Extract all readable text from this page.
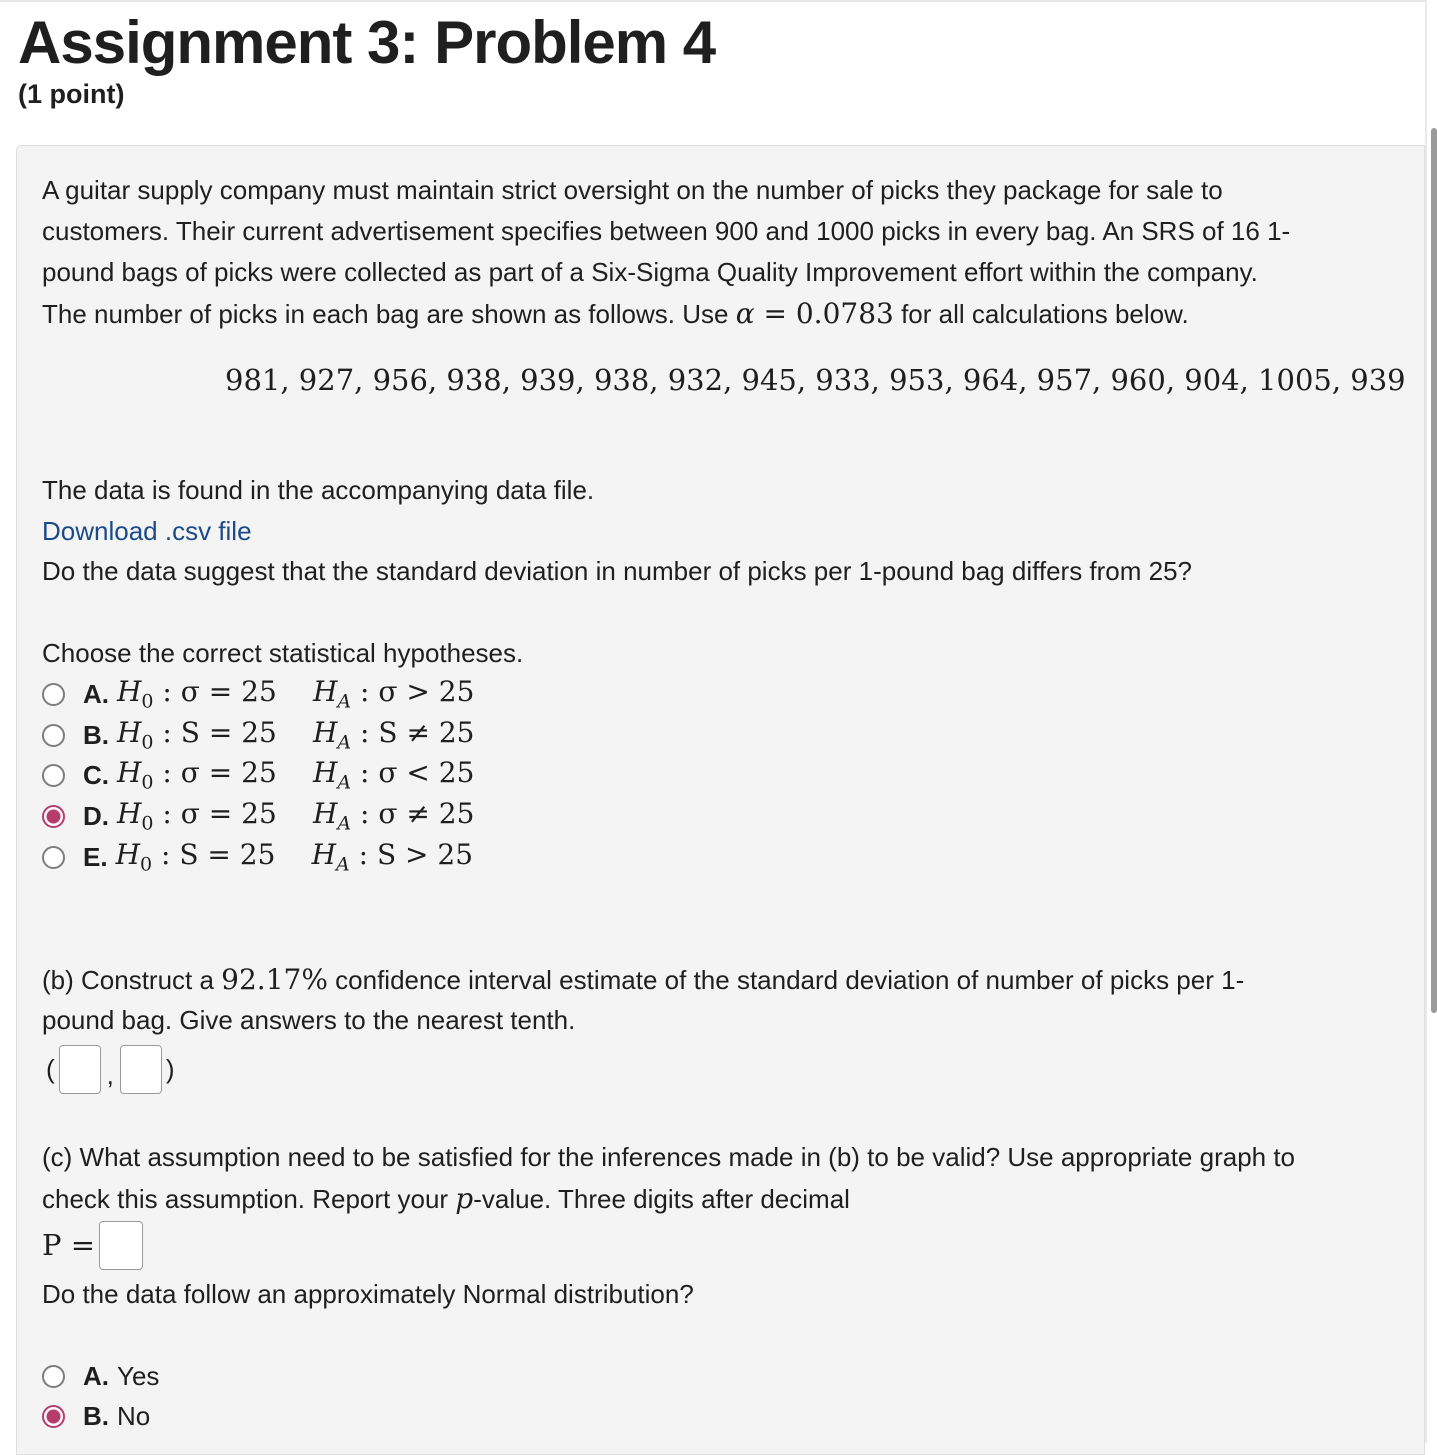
Assignment 3: Problem 4
(1 point)
A guitar supply company must maintain strict oversight on the number of picks they package for sale to
customers. Their current advertisement specifies between 900 and 1000 picks in every bag. An SRS of 16 1-
pound bags of picks were collected as part of a Six-Sigma Quality Improvement effort within the company.
The number of picks in each bag are shown as follows. Use α = 0.0783 for all calculations below.
981, 927, 956, 938, 939, 938, 932, 945, 933, 953, 964, 957, 960, 904, 1005, 939
The data is found in the accompanying data file.
Download .csv file
Do the data suggest that the standard deviation in number of picks per 1-pound bag differs from 25?
Choose the correct statistical hypotheses.
A. $H_0$ : σ = 25	$H_A$ : σ > 25
B. $H_0$ : S = 25	$H_A$ : S ≠ 25
C. $H_0$ : σ = 25	$H_A$ : σ < 25
D. $H_0$ : σ = 25	$H_A$ : σ ≠ 25
E. $H_0$ : S = 25	$H_A$ : S > 25
(b) Construct a 92.17% confidence interval estimate of the standard deviation of number of picks per 1-
pound bag. Give answers to the nearest tenth.
( , )
(c) What assumption need to be satisfied for the inferences made in (b) to be valid? Use appropriate graph to
check this assumption. Report your p-value. Three digits after decimal
P =
Do the data follow an approximately Normal distribution?
A. Yes
B. No
